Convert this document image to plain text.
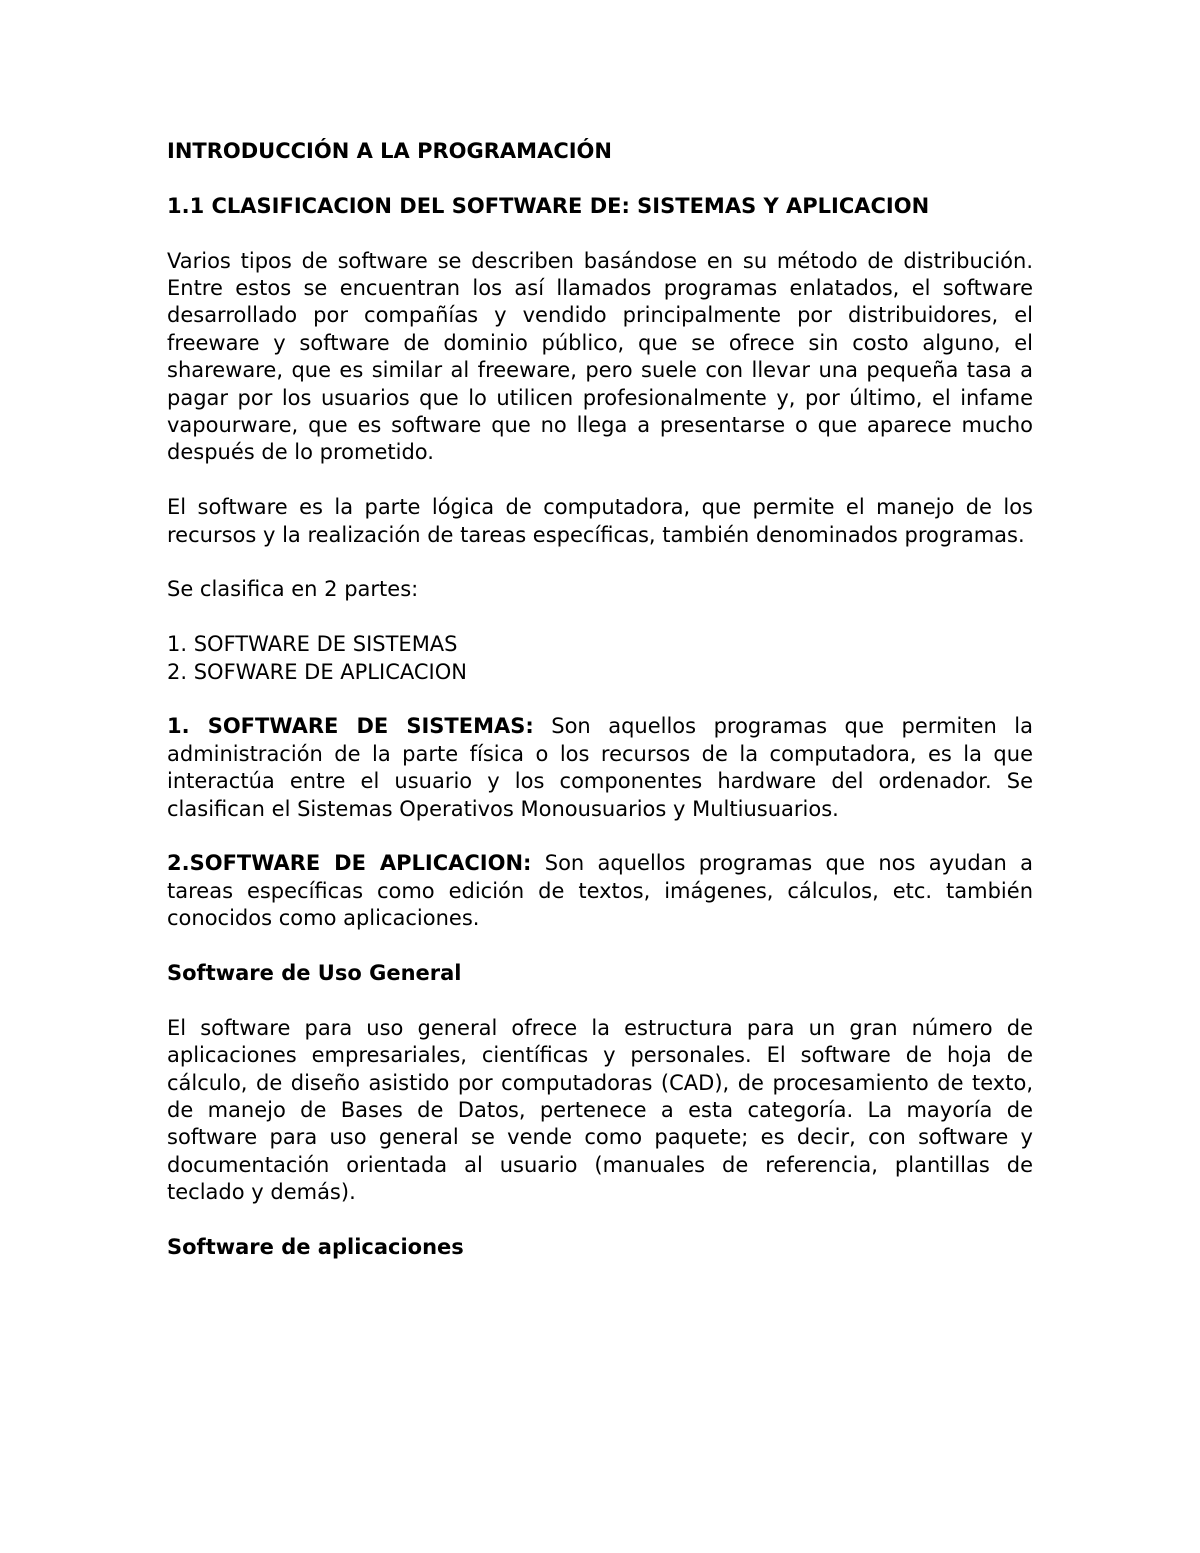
INTRODUCCIÓN A LA PROGRAMACIÓN
1.1 CLASIFICACION DEL SOFTWARE DE: SISTEMAS Y APLICACION
Varios tipos de software se describen basándose en su método de distribución. Entre estos se encuentran los así llamados programas enlatados, el software desarrollado por compañías y vendido principalmente por distribuidores, el freeware y software de dominio público, que se ofrece sin costo alguno, el shareware, que es similar al freeware, pero suele con llevar una pequeña tasa a pagar por los usuarios que lo utilicen profesionalmente y, por último, el infame vapourware, que es software que no llega a presentarse o que aparece mucho después de lo prometido.
El software es la parte lógica de computadora, que permite el manejo de los recursos y la realización de tareas específicas, también denominados programas.
Se clasifica en 2 partes:
1. SOFTWARE DE SISTEMAS
2. SOFWARE DE APLICACION
1. SOFTWARE DE SISTEMAS: Son aquellos programas que permiten la administración de la parte física o los recursos de la computadora, es la que interactúa entre el usuario y los componentes hardware del ordenador. Se clasifican el Sistemas Operativos Monousuarios y Multiusuarios.
2.SOFTWARE DE APLICACION: Son aquellos programas que nos ayudan a tareas específicas como edición de textos, imágenes, cálculos, etc. también conocidos como aplicaciones.
Software de Uso General
El software para uso general ofrece la estructura para un gran número de aplicaciones empresariales, científicas y personales. El software de hoja de cálculo, de diseño asistido por computadoras (CAD), de procesamiento de texto, de manejo de Bases de Datos, pertenece a esta categoría. La mayoría de software para uso general se vende como paquete; es decir, con software y documentación orientada al usuario (manuales de referencia, plantillas de teclado y demás).
Software de aplicaciones
